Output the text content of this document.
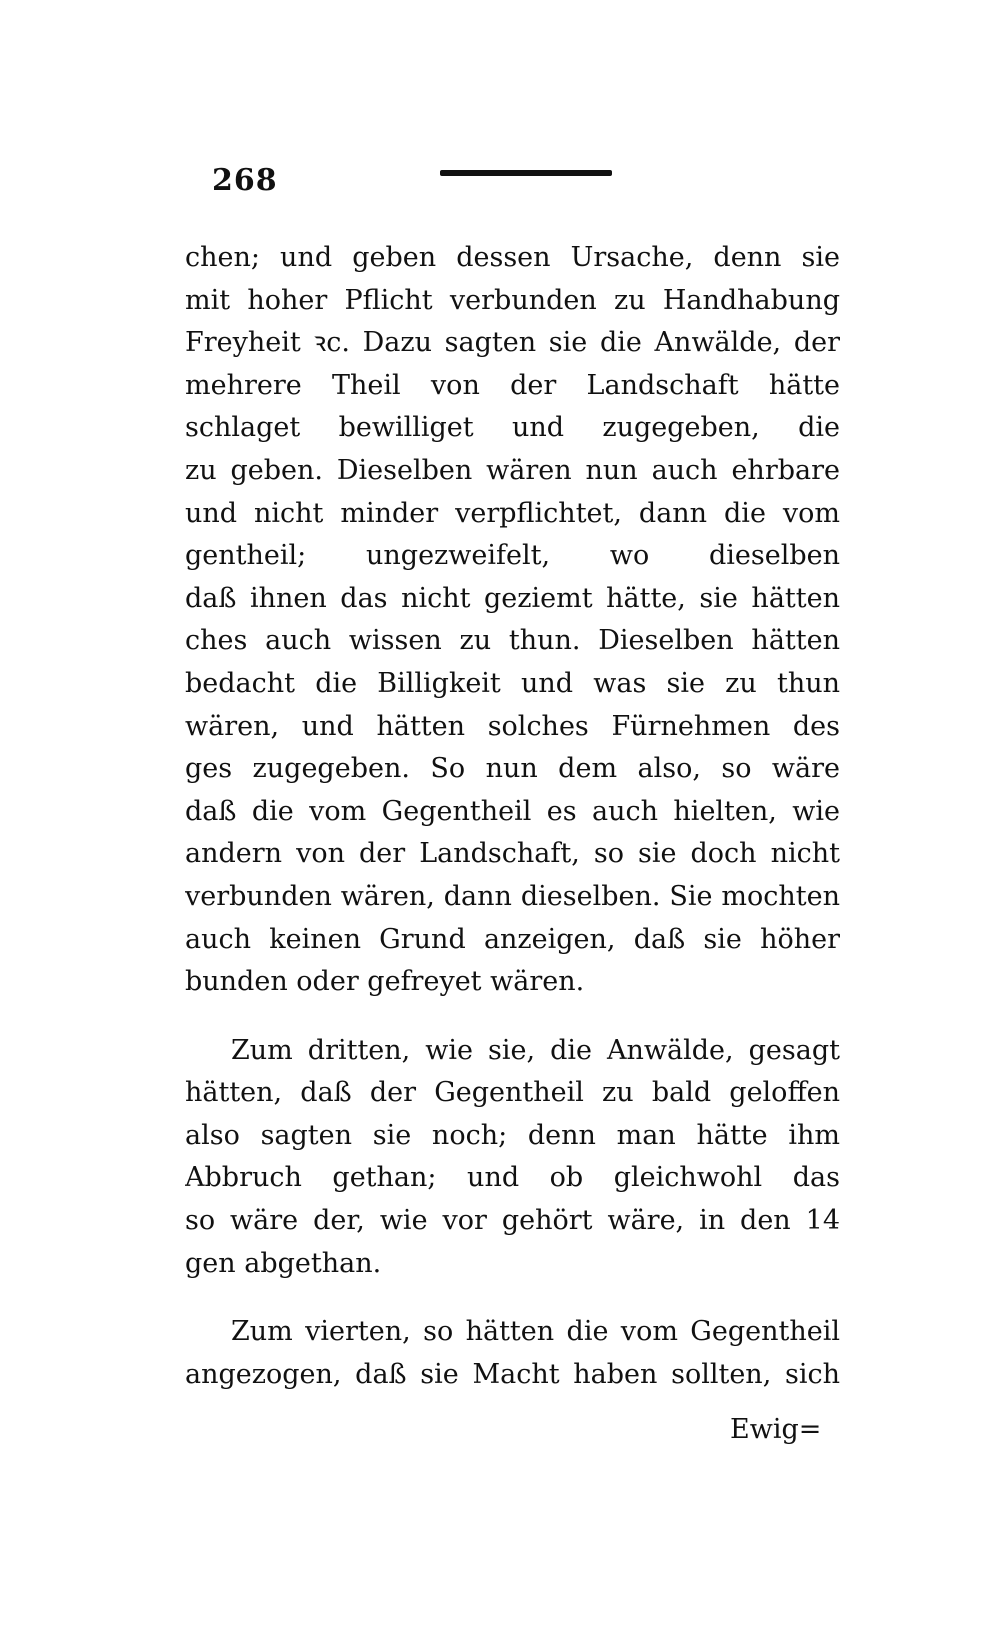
268
chen; und geben dessen Ursache, denn sie
mit hoher Pflicht verbunden zu Handhabung
Freyheit ꝛc. Dazu sagten sie die Anwälde, der
mehrere Theil von der Landschaft hätte
schlaget bewilliget und zugegeben, die
zu geben. Dieselben wären nun auch ehrbare
und nicht minder verpflichtet, dann die vom
gentheil; ungezweifelt, wo dieselben
daß ihnen das nicht geziemt hätte, sie hätten
ches auch wissen zu thun. Dieselben hätten
bedacht die Billigkeit und was sie zu thun
wären, und hätten solches Fürnehmen des
ges zugegeben. So nun dem also, so wäre
daß die vom Gegentheil es auch hielten, wie
andern von der Landschaft, so sie doch nicht
verbunden wären, dann dieselben. Sie mochten
auch keinen Grund anzeigen, daß sie höher
bunden oder gefreyet wären.
Zum dritten, wie sie, die Anwälde, gesagt
hätten, daß der Gegentheil zu bald geloffen
also sagten sie noch; denn man hätte ihm
Abbruch gethan; und ob gleichwohl das
so wäre der, wie vor gehört wäre, in den 14
gen abgethan.
Zum vierten, so hätten die vom Gegentheil
angezogen, daß sie Macht haben sollten, sich
Ewig=
